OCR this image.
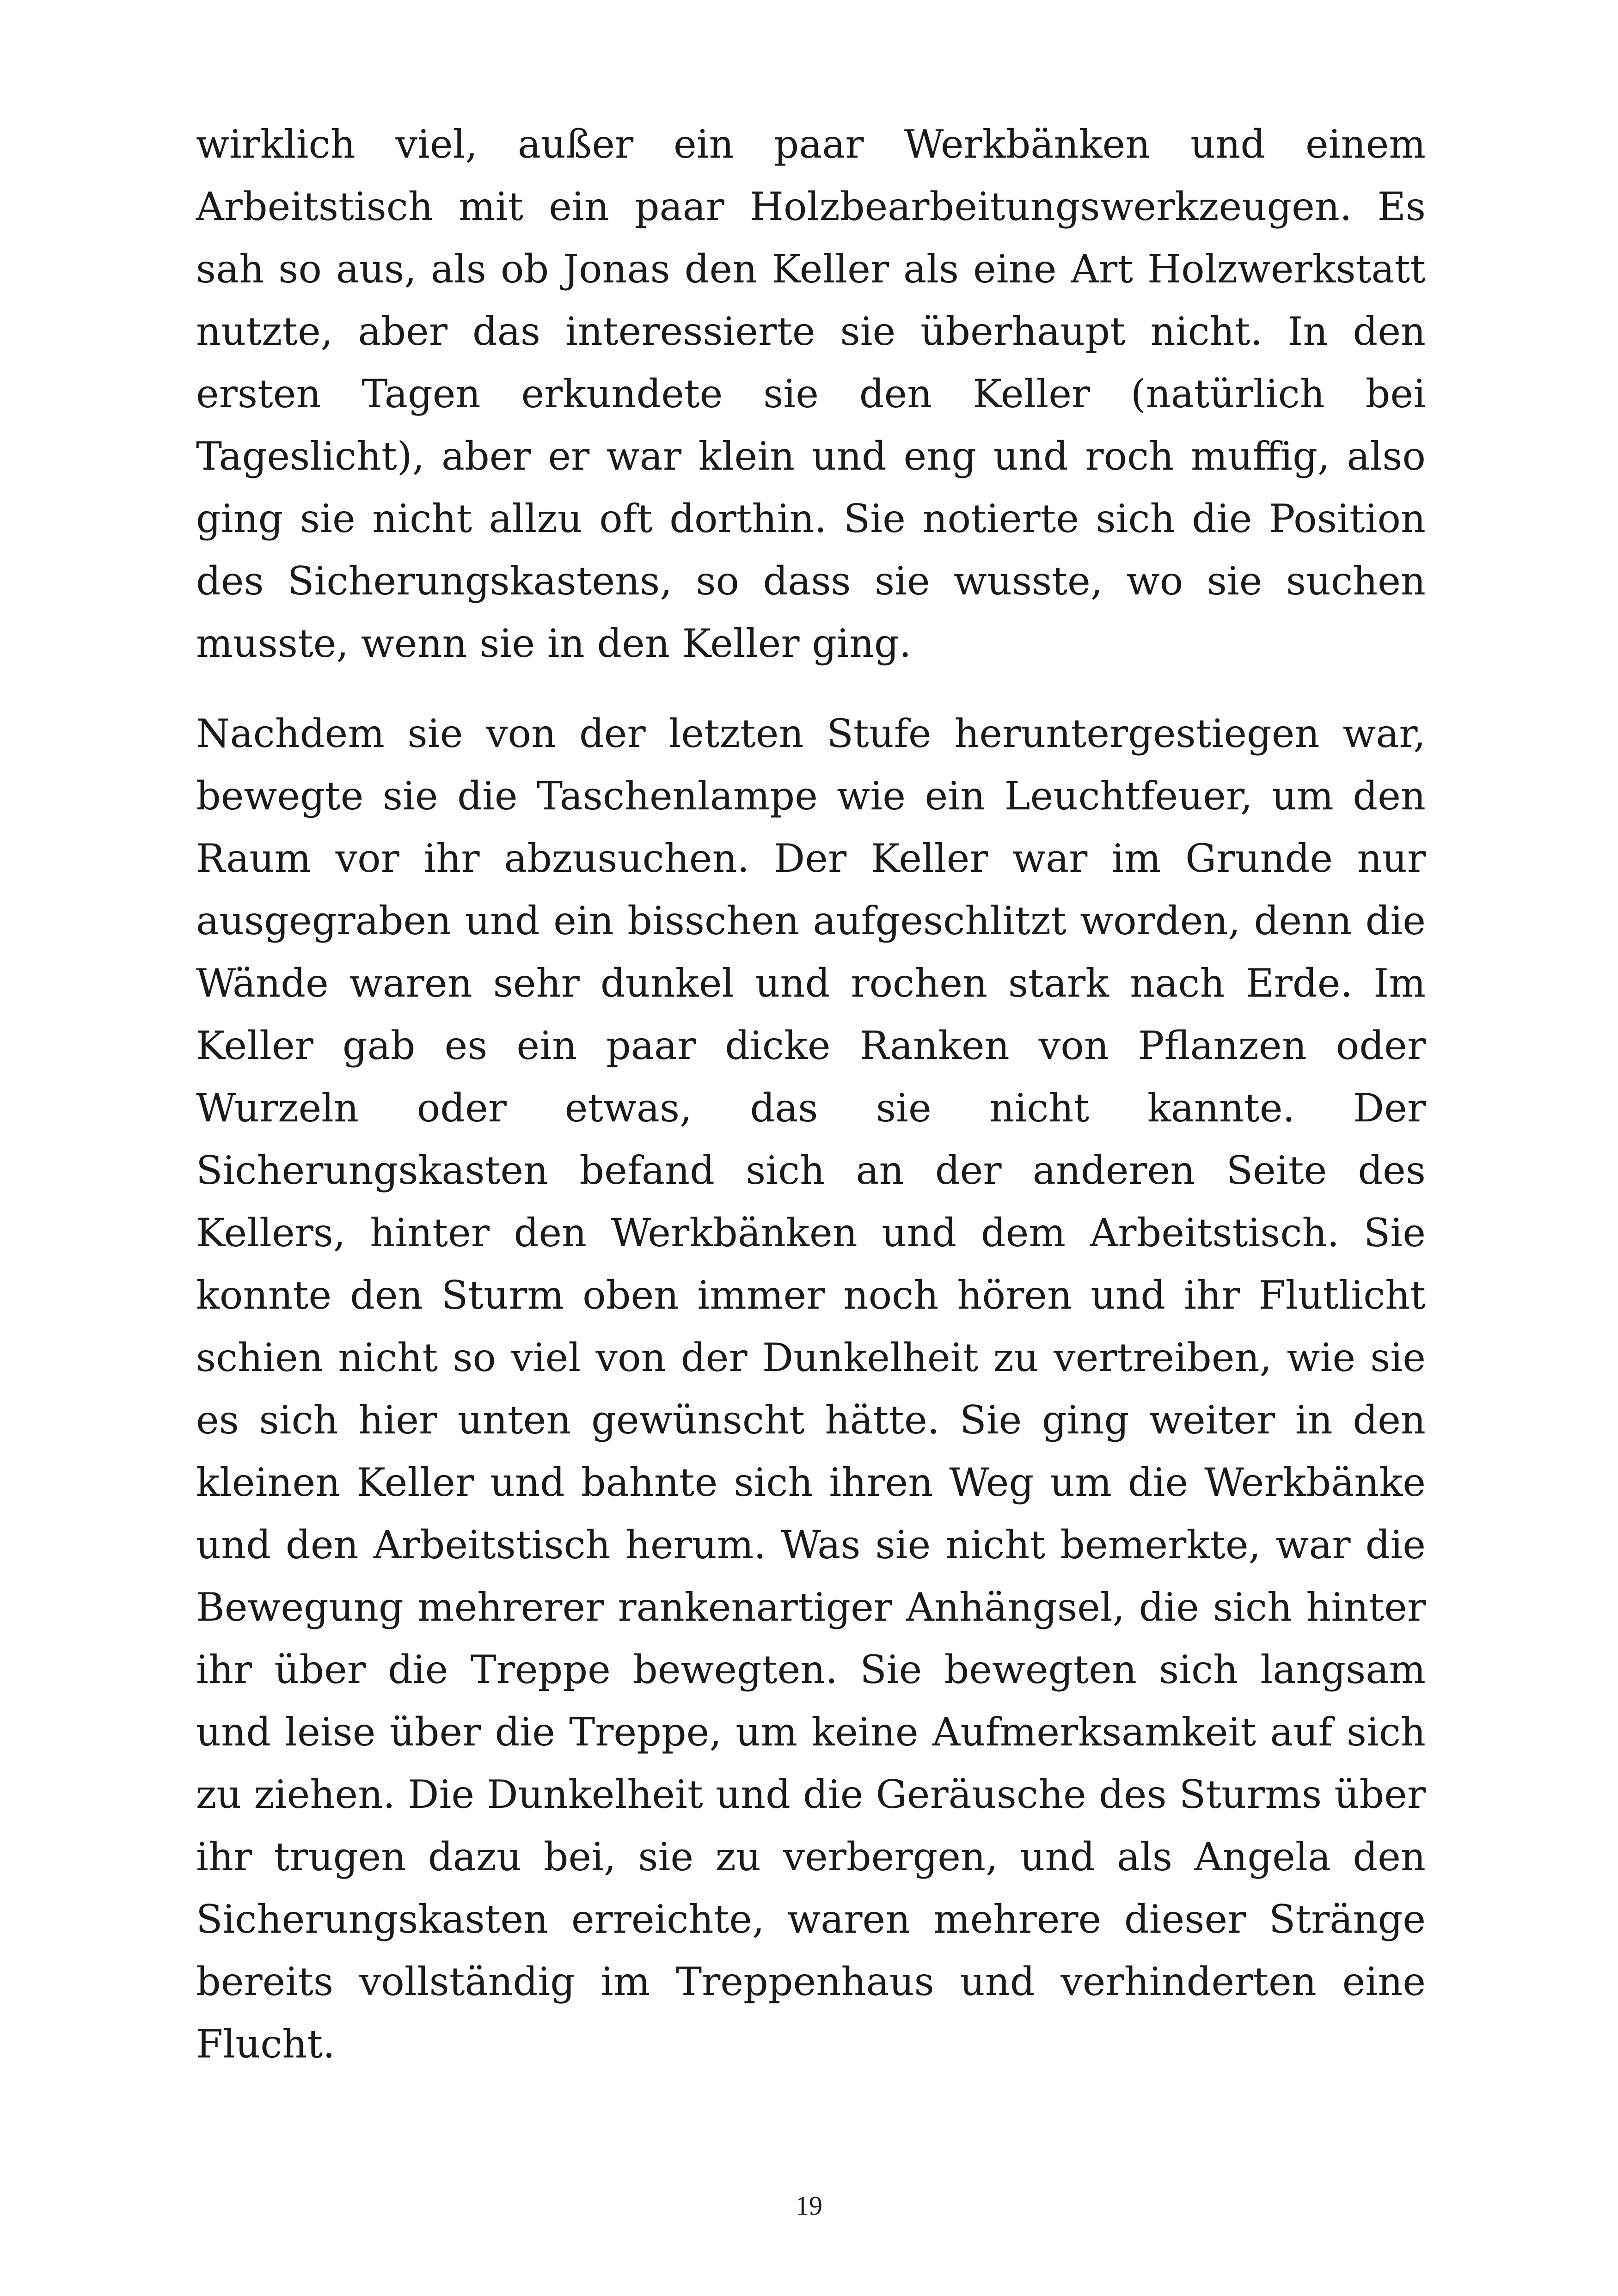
wirklich viel, außer ein paar Werkbänken und einem Arbeitstisch mit ein paar Holzbearbeitungswerkzeugen. Es sah so aus, als ob Jonas den Keller als eine Art Holzwerkstatt nutzte, aber das interessierte sie überhaupt nicht. In den ersten Tagen erkundete sie den Keller (natürlich bei Tageslicht), aber er war klein und eng und roch muffig, also ging sie nicht allzu oft dorthin. Sie notierte sich die Position des Sicherungskastens, so dass sie wusste, wo sie suchen musste, wenn sie in den Keller ging.

Nachdem sie von der letzten Stufe heruntergestiegen war, bewegte sie die Taschenlampe wie ein Leuchtfeuer, um den Raum vor ihr abzusuchen. Der Keller war im Grunde nur ausgegraben und ein bisschen aufgeschlitzt worden, denn die Wände waren sehr dunkel und rochen stark nach Erde. Im Keller gab es ein paar dicke Ranken von Pflanzen oder Wurzeln oder etwas, das sie nicht kannte. Der Sicherungskasten befand sich an der anderen Seite des Kellers, hinter den Werkbänken und dem Arbeitstisch. Sie konnte den Sturm oben immer noch hören und ihr Flutlicht schien nicht so viel von der Dunkelheit zu vertreiben, wie sie es sich hier unten gewünscht hätte. Sie ging weiter in den kleinen Keller und bahnte sich ihren Weg um die Werkbänke und den Arbeitstisch herum. Was sie nicht bemerkte, war die Bewegung mehrerer rankenartiger Anhängsel, die sich hinter ihr über die Treppe bewegten. Sie bewegten sich langsam und leise über die Treppe, um keine Aufmerksamkeit auf sich zu ziehen. Die Dunkelheit und die Geräusche des Sturms über ihr trugen dazu bei, sie zu verbergen, und als Angela den Sicherungskasten erreichte, waren mehrere dieser Stränge bereits vollständig im Treppenhaus und verhinderten eine Flucht.

19
